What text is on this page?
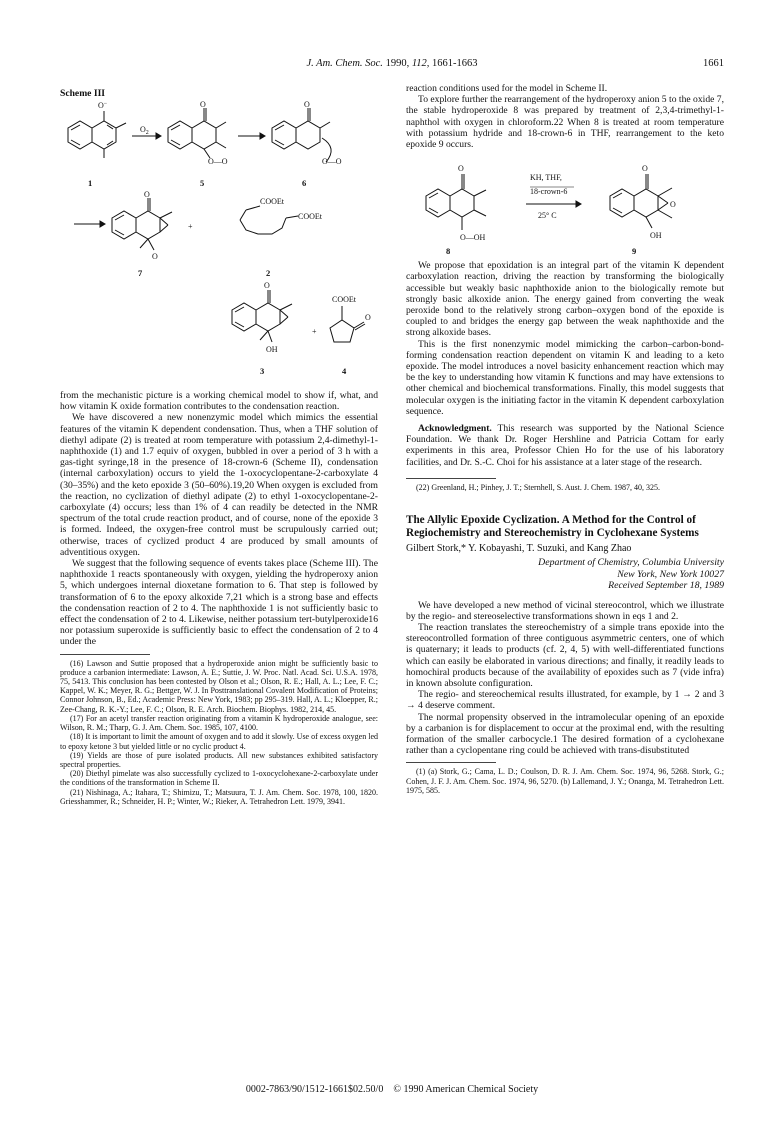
J. Am. Chem. Soc. 1990, 112, 1661-1663	1661
Scheme III
O−
$O_2$
O
O—O
O
O—O
O
O
+
COOEt
COOEt
O
OH
+
COOEt
O
1	5	6
7	2
3	4

from the mechanistic picture is a working chemical model to show if, what, and how vitamin K oxide formation contributes to the condensation reaction.

We have discovered a new nonenzymic model which mimics the essential features of the vitamin K dependent condensation. Thus, when a THF solution of diethyl adipate (2) is treated at room temperature with potassium 2,4-dimethyl-1-naphthoxide (1) and 1.7 equiv of oxygen, bubbled in over a period of 3 h with a gas-tight syringe,18 in the presence of 18-crown-6 (Scheme II), condensation (internal carboxylation) occurs to yield the 1-oxocyclopentane-2-carboxylate 4 (30–35%) and the keto epoxide 3 (50–60%).19,20 When oxygen is excluded from the reaction, no cyclization of diethyl adipate (2) to ethyl 1-oxocyclopentane-2-carboxylate (4) occurs; less than 1% of 4 can readily be detected in the NMR spectrum of the total crude reaction product, and of course, none of the epoxide 3 is formed. Indeed, the oxygen-free control must be scrupulously carried out; otherwise, traces of cyclized product 4 are produced by small amounts of adventitious oxygen.

We suggest that the following sequence of events takes place (Scheme III). The naphthoxide 1 reacts spontaneously with oxygen, yielding the hydroperoxy anion 5, which undergoes internal dioxetane formation to 6. That step is followed by transformation of 6 to the epoxy alkoxide 7,21 which is a strong base and effects the condensation reaction of 2 to 4. The naphthoxide 1 is not sufficiently basic to effect the condensation of 2 to 4. Likewise, neither potassium tert-butylperoxide16 nor potassium superoxide is sufficiently basic to effect the condensation of 2 to 4 under the

(16) Lawson and Suttie proposed that a hydroperoxide anion might be sufficiently basic to produce a carbanion intermediate: Lawson, A. E.; Suttie, J. W. Proc. Natl. Acad. Sci. U.S.A. 1978, 75, 5413. This conclusion has been contested by Olson et al.; Olson, R. E.; Hall, A. L.; Lee, F. C.; Kappel, W. K.; Meyer, R. G.; Bettger, W. J. In Posttranslational Covalent Modification of Proteins; Connor Johnson, B., Ed.; Academic Press: New York, 1983; pp 295–319. Hall, A. L.; Kloepper, R.; Zee-Chang, R. K.-Y.; Lee, F. C.; Olson, R. E. Arch. Biochem. Biophys. 1982, 214, 45.

(17) For an acetyl transfer reaction originating from a vitamin K hydroperoxide analogue, see: Wilson, R. M.; Tharp, G. J. Am. Chem. Soc. 1985, 107, 4100.

(18) It is important to limit the amount of oxygen and to add it slowly. Use of excess oxygen led to epoxy ketone 3 but yielded little or no cyclic product 4.

(19) Yields are those of pure isolated products. All new substances exhibited satisfactory spectral properties.

(20) Diethyl pimelate was also successfully cyclized to 1-oxocyclohexane-2-carboxylate under the conditions of the transformation in Scheme II.

(21) Nishinaga, A.; Itahara, T.; Shimizu, T.; Matsuura, T. J. Am. Chem. Soc. 1978, 100, 1820. Griesshammer, R.; Schneider, H. P.; Winter, W.; Rieker, A. Tetrahedron Lett. 1979, 3941.

reaction conditions used for the model in Scheme II.

To explore further the rearrangement of the hydroperoxy anion 5 to the oxide 7, the stable hydroperoxide 8 was prepared by treatment of 2,3,4-trimethyl-1-naphthol with oxygen in chloroform.22 When 8 is treated at room temperature with potassium hydride and 18-crown-6 in THF, rearrangement to the keto epoxide 9 occurs.

O
O—OH
O
O
OH
KH, THF,
18-crown-6
25° C
8	9

We propose that epoxidation is an integral part of the vitamin K dependent carboxylation reaction, driving the reaction by transforming the biologically accessible but weakly basic naphthoxide anion to the biologically remote but strongly basic alkoxide anion. The energy gained from converting the weak peroxide bond to the relatively strong carbon–oxygen bond of the epoxide is coupled to and bridges the energy gap between the weak naphthoxide and the strong alkoxide bases.

This is the first nonenzymic model mimicking the carbon–carbon-bond-forming condensation reaction dependent on vitamin K and leading to a keto epoxide. The model introduces a novel basicity enhancement reaction which may be the key to understanding how vitamin K functions and may have extensions to other chemical and biochemical transformations. Finally, this model suggests that molecular oxygen is the initiating factor in the vitamin K dependent carboxylation sequence.

Acknowledgment. This research was supported by the National Science Foundation. We thank Dr. Roger Hershline and Patricia Cottam for early experiments in this area, Professor Chien Ho for the use of his laboratory facilities, and Dr. S.-C. Choi for his assistance at a later stage of the research.

(22) Greenland, H.; Pinhey, J. T.; Sternhell, S. Aust. J. Chem. 1987, 40, 325.

The Allylic Epoxide Cyclization. A Method for the Control of Regiochemistry and Stereochemistry in Cyclohexane Systems
Gilbert Stork,* Y. Kobayashi, T. Suzuki, and Kang Zhao
Department of Chemistry, Columbia University
New York, New York 10027
Received September 18, 1989

We have developed a new method of vicinal stereocontrol, which we illustrate by the regio- and stereoselective transformations shown in eqs 1 and 2.

The reaction translates the stereochemistry of a simple trans epoxide into the stereocontrolled formation of three contiguous asymmetric centers, one of which is quaternary; it leads to products (cf. 2, 4, 5) with well-differentiated functions which can easily be elaborated in various directions; and finally, it readily leads to homochiral products because of the availability of epoxides such as 7 (vide infra) in known absolute configuration.

The regio- and stereochemical results illustrated, for example, by 1 → 2 and 3 → 4 deserve comment.

The normal propensity observed in the intramolecular opening of an epoxide by a carbanion is for displacement to occur at the proximal end, with the resulting formation of the smaller carbocycle.1 The desired formation of a cyclohexane rather than a cyclopentane ring could be achieved with trans-disubstituted

(1) (a) Stork, G.; Cama, L. D.; Coulson, D. R. J. Am. Chem. Soc. 1974, 96, 5268. Stork, G.; Cohen, J. F. J. Am. Chem. Soc. 1974, 96, 5270. (b) Lallemand, J. Y.; Onanga, M. Tetrahedron Lett. 1975, 585.

0002-7863/90/1512-1661$02.50/0 © 1990 American Chemical Society
